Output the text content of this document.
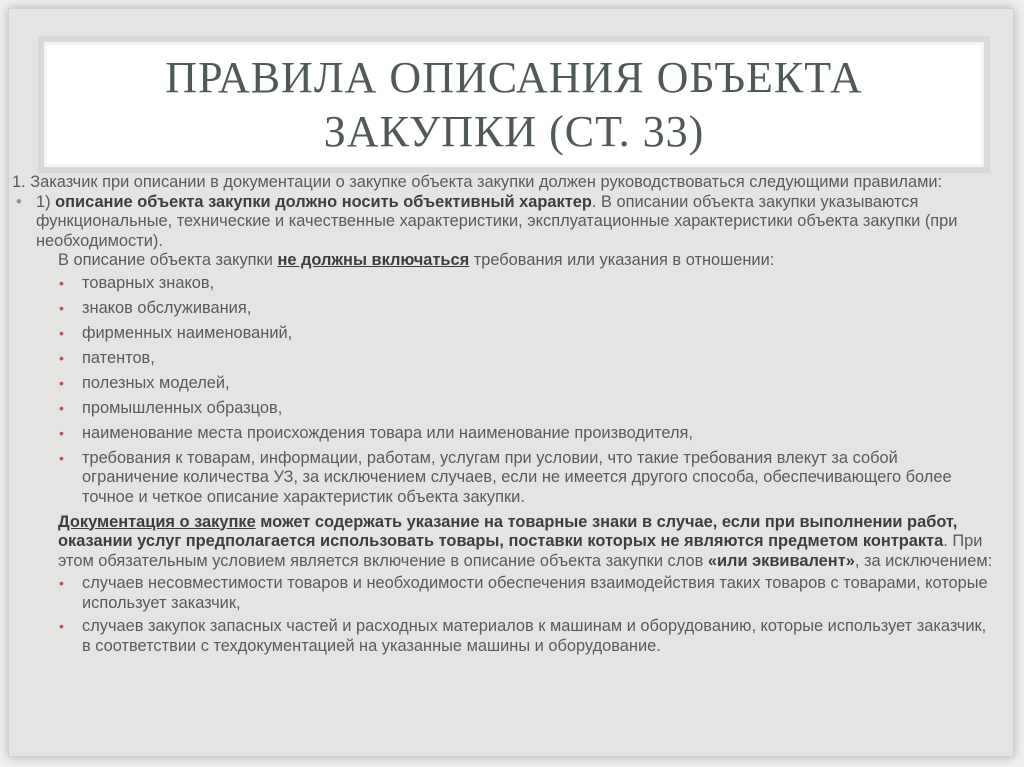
ПРАВИЛА ОПИСАНИЯ ОБЪЕКТА
ЗАКУПКИ (СТ. 33)

1. Заказчик при описании в документации о закупке объекта закупки должен руководствоваться следующими правилами:

• 1) описание объекта закупки должно носить объективный характер. В описании объекта закупки указываются функциональные, технические и качественные характеристики, эксплуатационные характеристики объекта закупки (при необходимости).

В описание объекта закупки не должны включаться требования или указания в отношении:

• товарных знаков,
• знаков обслуживания,
• фирменных наименований,
• патентов,
• полезных моделей,
• промышленных образцов,
• наименование места происхождения товара или наименование производителя,
• требования к товарам, информации, работам, услугам при условии, что такие требования влекут за собой ограничение количества УЗ, за исключением случаев, если не имеется другого способа, обеспечивающего более точное и четкое описание характеристик объекта закупки.

Документация о закупке может содержать указание на товарные знаки в случае, если при выполнении работ, оказании услуг предполагается использовать товары, поставки которых не являются предметом контракта. При этом обязательным условием является включение в описание объекта закупки слов «или эквивалент», за исключением:

• случаев несовместимости товаров и необходимости обеспечения взаимодействия таких товаров с товарами, которые использует заказчик,
• случаев закупок запасных частей и расходных материалов к машинам и оборудованию, которые использует заказчик, в соответствии с техдокументацией на указанные машины и оборудование.
